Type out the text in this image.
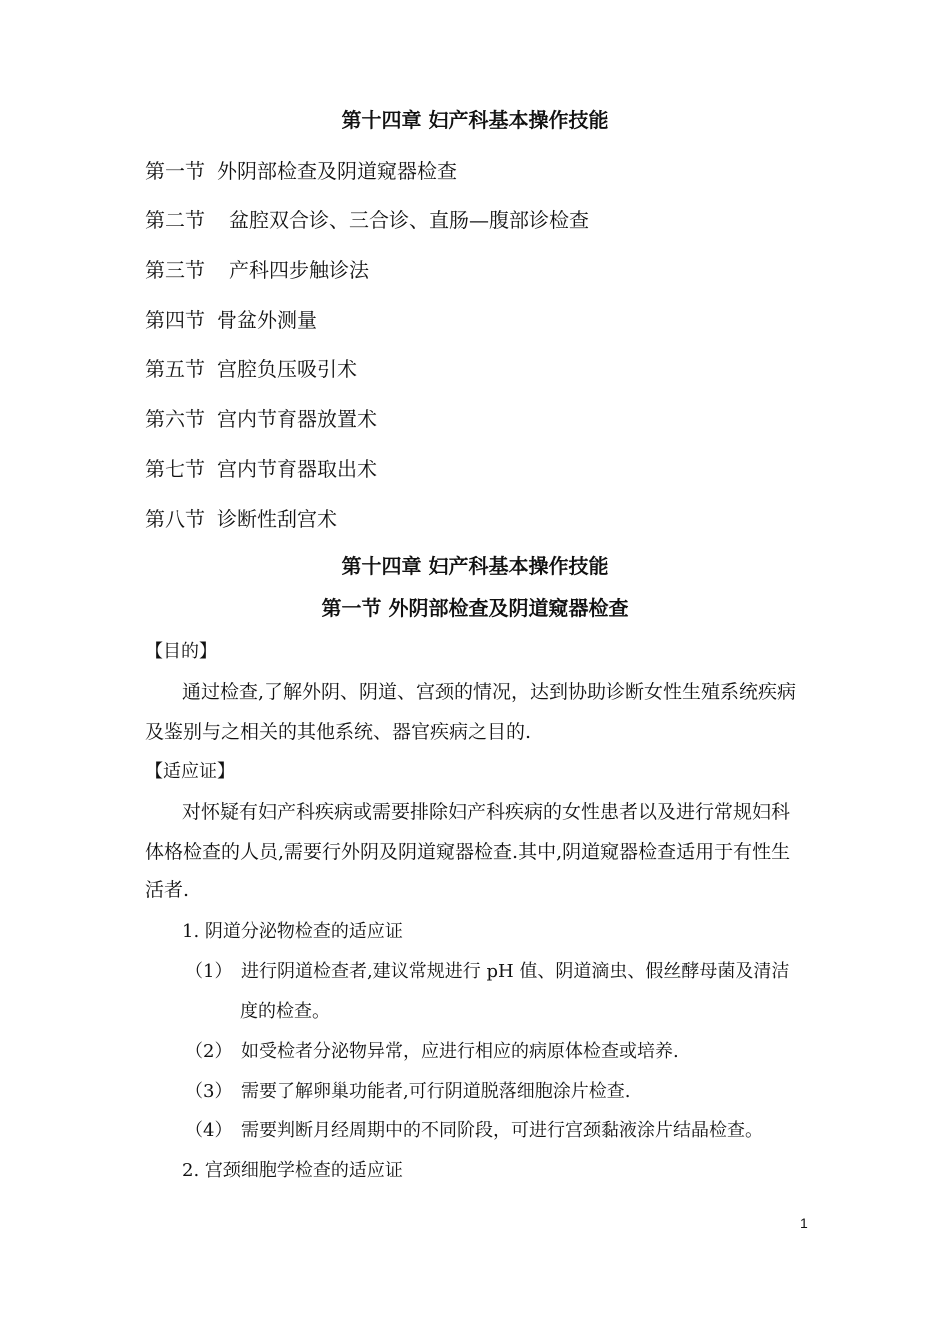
第十四章 妇产科基本操作技能
第一节 外阴部检查及阴道窥器检查
第二节 盆腔双合诊、三合诊、直肠—腹部诊检查
第三节 产科四步触诊法
第四节 骨盆外测量
第五节 宫腔负压吸引术
第六节 宫内节育器放置术
第七节 宫内节育器取出术
第八节 诊断性刮宫术
第十四章 妇产科基本操作技能
第一节 外阴部检查及阴道窥器检查
【目的】
通过检查,了解外阴、阴道、宫颈的情况，达到协助诊断女性生殖系统疾病
及鉴别与之相关的其他系统、器官疾病之目的.
【适应证】
对怀疑有妇产科疾病或需要排除妇产科疾病的女性患者以及进行常规妇科
体格检查的人员,需要行外阴及阴道窥器检查.其中,阴道窥器检查适用于有性生
活者.
1. 阴道分泌物检查的适应证
（1） 进行阴道检查者,建议常规进行 pH 值、阴道滴虫、假丝酵母菌及清洁
度的检查。
（2） 如受检者分泌物异常，应进行相应的病原体检查或培养.
（3） 需要了解卵巢功能者,可行阴道脱落细胞涂片检查.
（4） 需要判断月经周期中的不同阶段，可进行宫颈黏液涂片结晶检查。
2. 宫颈细胞学检查的适应证
1
